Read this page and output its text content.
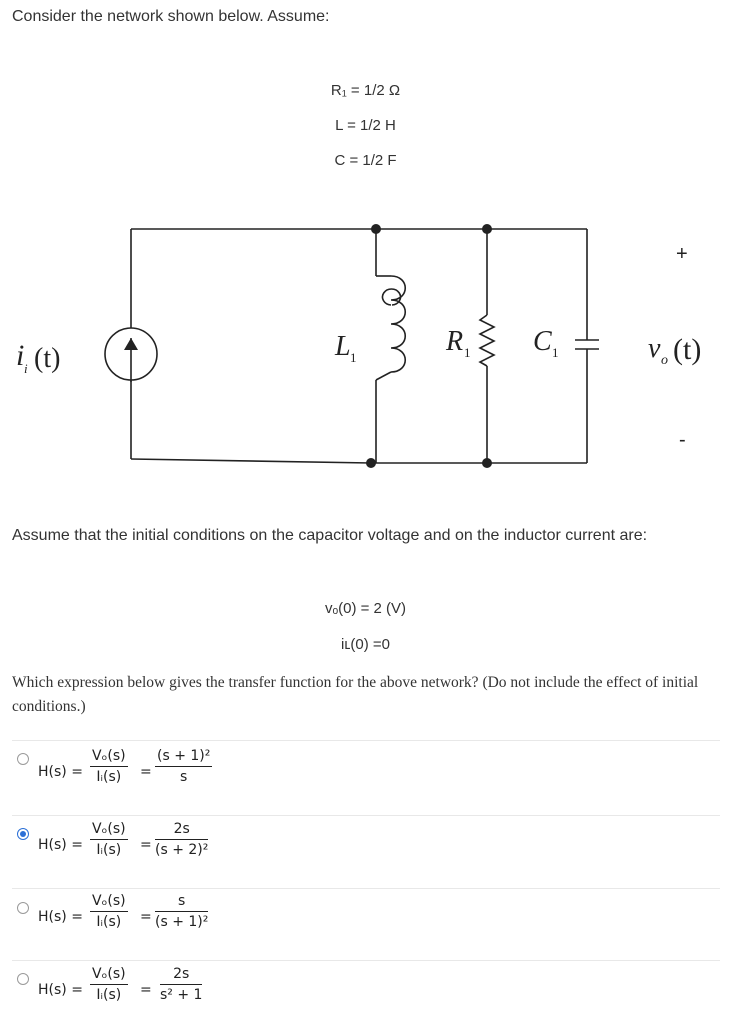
Consider the network shown below. Assume:
R₁ = 1/2 Ω
L = 1/2 H
C = 1/2 F
i i (t)	L 1
R 1 C 1	v o (t)
+
-
Assume that the initial conditions on the capacitor voltage and on the inductor current are:
vₒ(0) = 2 (V)
iʟ(0) =0
Which expression below gives the transfer function for the above network? (Do not include the effect of initial conditions.)
$H(s) = \frac{\text{Vₒ(s)}}{\text{Iᵢ(s)}} = \frac{\text{(s + 1)²}}{s}$
$H(s) = \frac{\text{Vₒ(s)}}{\text{Iᵢ(s)}} = \frac{2s}{\text{(s + 2)²}}$
$H(s) = \frac{\text{Vₒ(s)}}{\text{Iᵢ(s)}} = \frac{s}{\text{(s + 1)²}}$
$H(s) = \frac{\text{Vₒ(s)}}{\text{Iᵢ(s)}} = \frac{2s}{\text{s² + 1}}$
